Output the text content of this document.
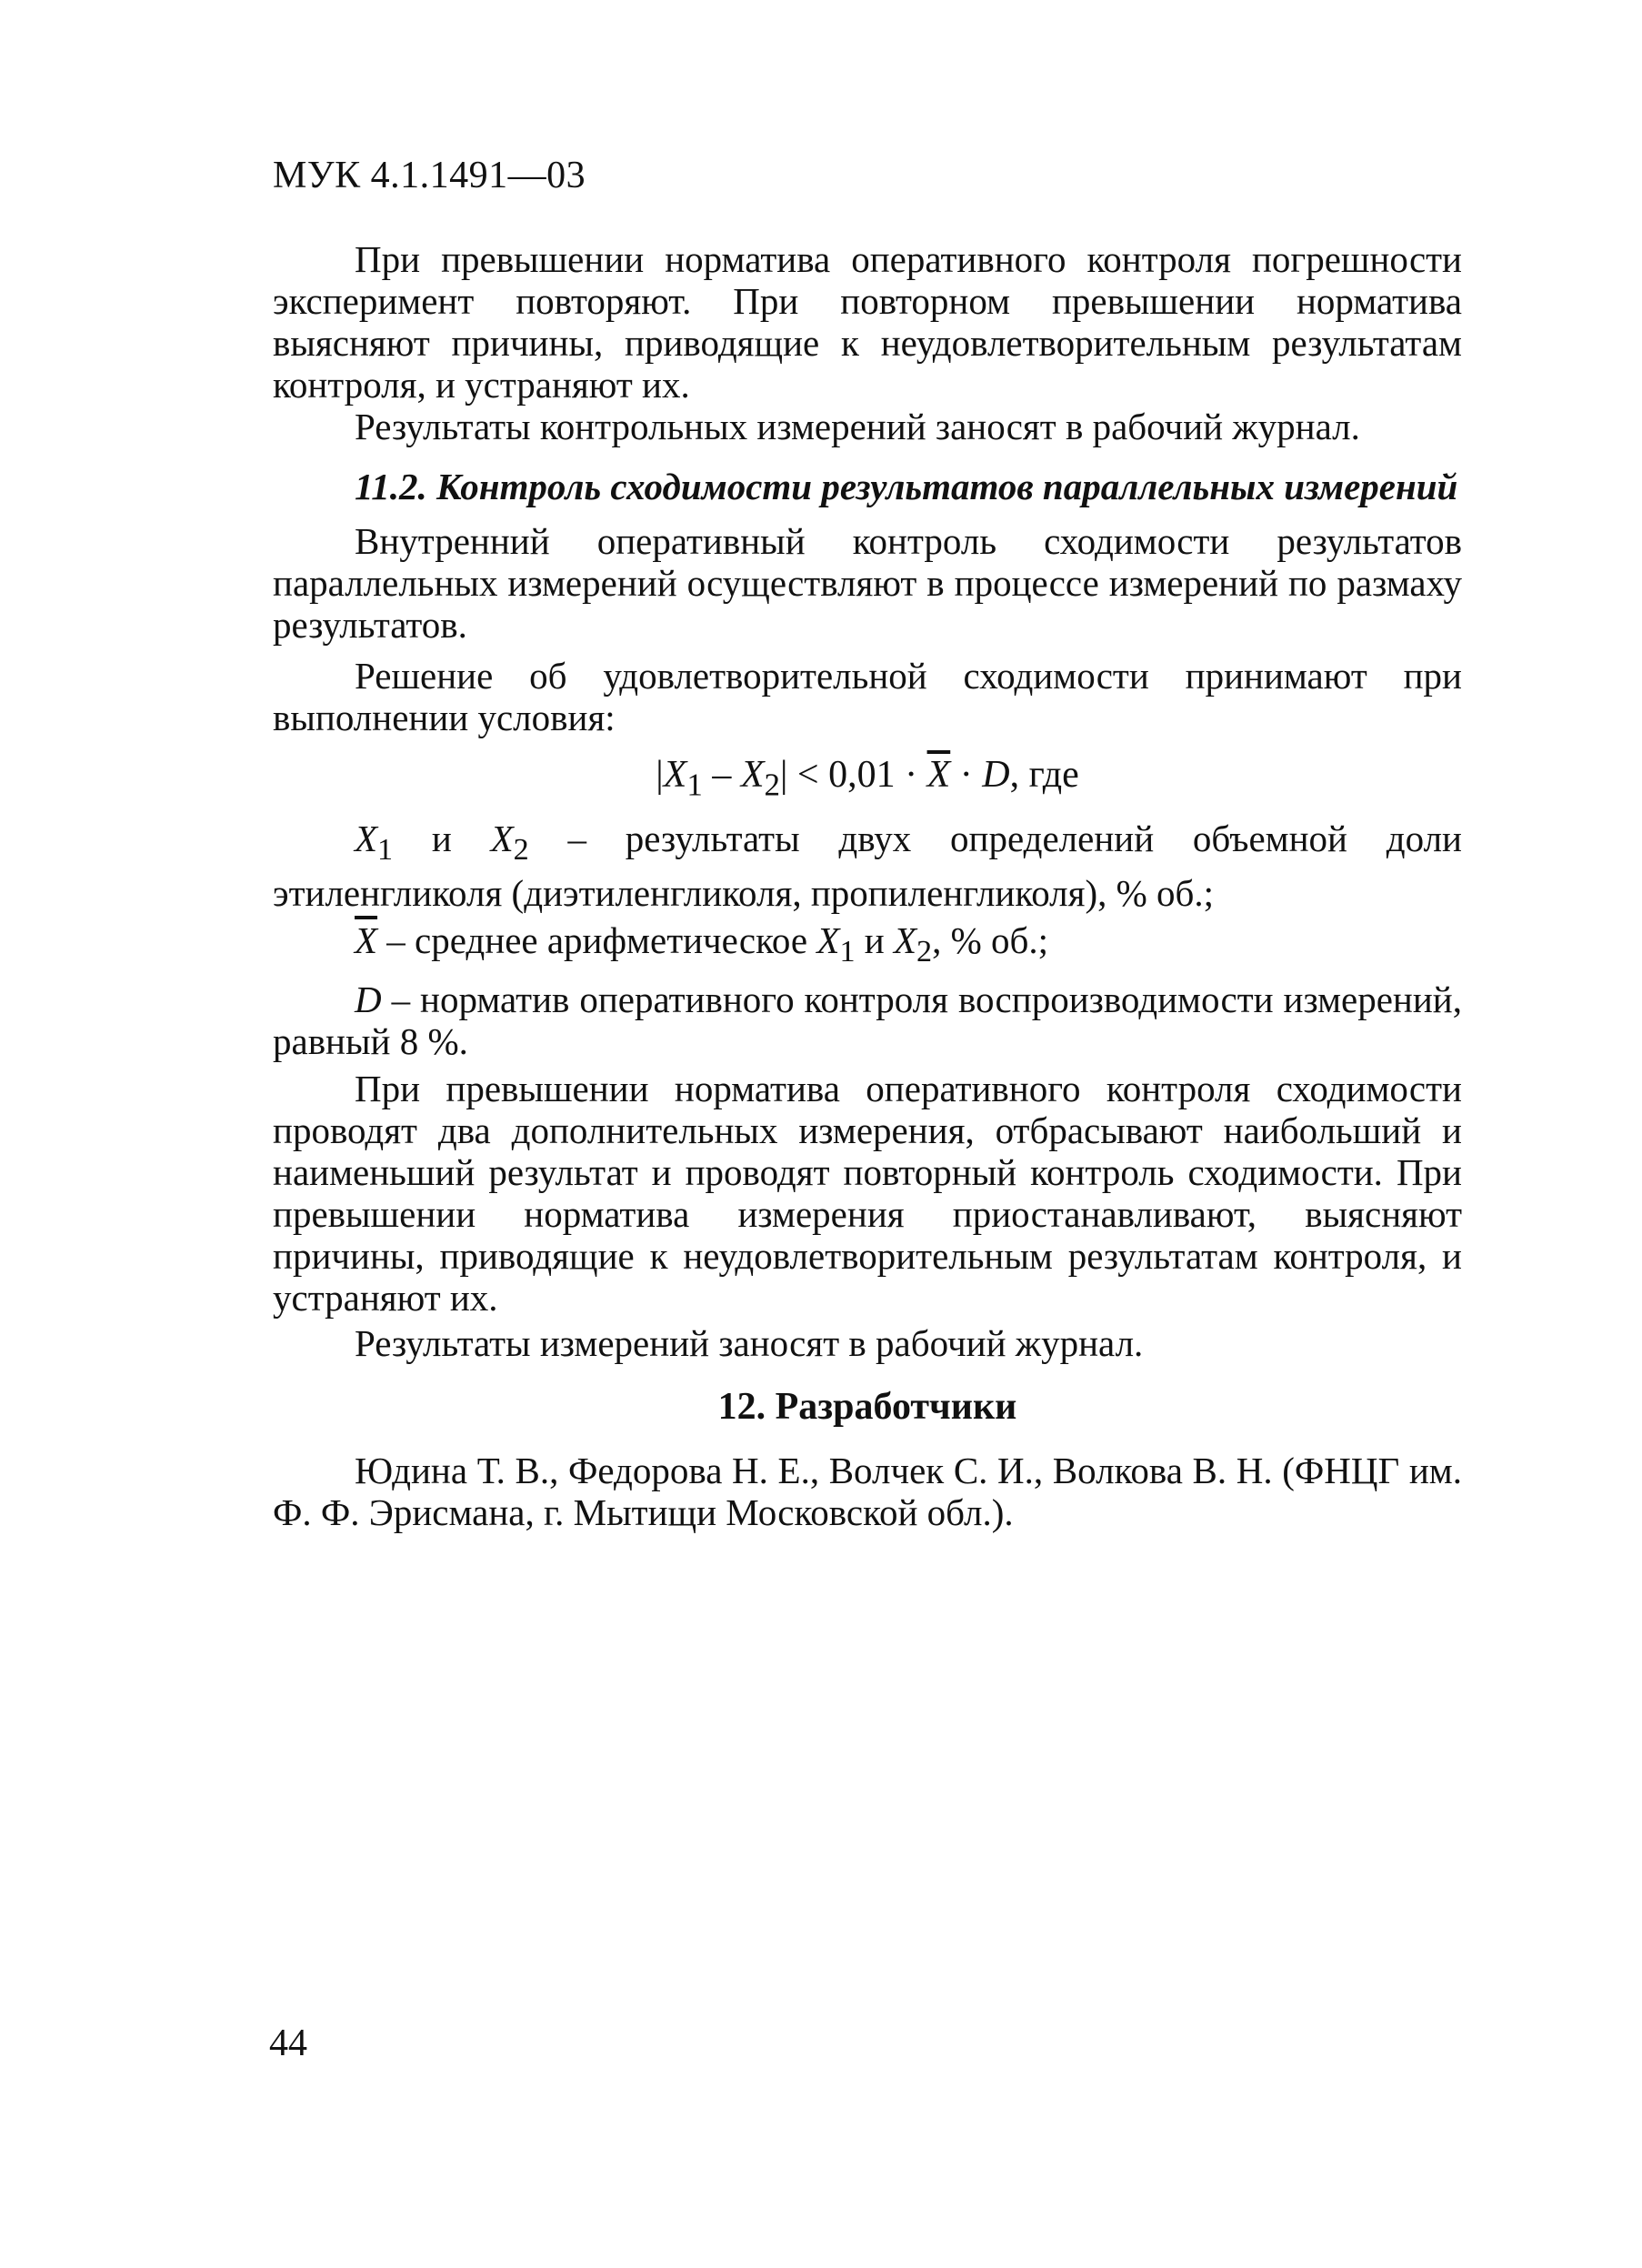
МУК 4.1.1491—03

При превышении норматива оперативного контроля погрешности эксперимент повторяют. При повторном превышении норматива выясняют причины, приводящие к неудовлетворительным результатам контроля, и устраняют их.

Результаты контрольных измерений заносят в рабочий журнал.

11.2. Контроль сходимости результатов параллельных измерений

Внутренний оперативный контроль сходимости результатов параллельных измерений осуществляют в процессе измерений по размаху результатов.

Решение об удовлетворительной сходимости принимают при выполнении условия:

$|X_1 - X_2| < 0,01 \cdot \overline{X} \cdot D$, где

$X_1$ и $X_2$ – результаты двух определений объемной доли этиленгликоля (диэтиленгликоля, пропиленгликоля), % об.;

$\overline{X}$ – среднее арифметическое $X_1$ и $X_2$, % об.;

D – норматив оперативного контроля воспроизводимости измерений, равный 8 %.

При превышении норматива оперативного контроля сходимости проводят два дополнительных измерения, отбрасывают наибольший и наименьший результат и проводят повторный контроль сходимости. При превышении норматива измерения приостанавливают, выясняют причины, приводящие к неудовлетворительным результатам контроля, и устраняют их.

Результаты измерений заносят в рабочий журнал.

12. Разработчики

Юдина Т. В., Федорова Н. Е., Волчек С. И., Волкова В. Н. (ФНЦГ им. Ф. Ф. Эрисмана, г. Мытищи Московской обл.).

44
